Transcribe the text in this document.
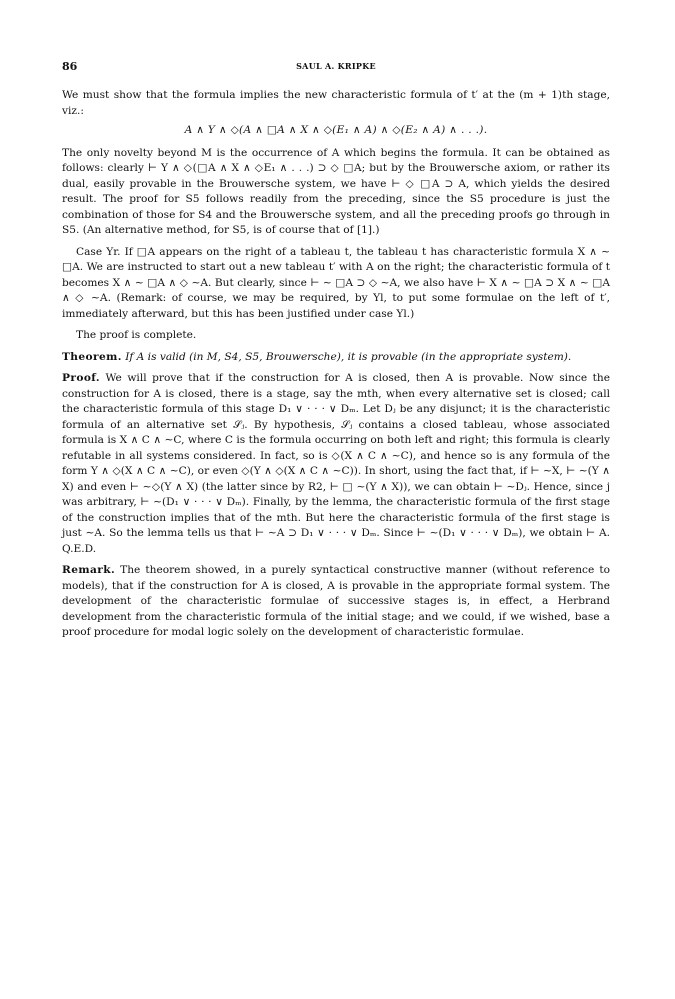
86	SAUL A. KRIPKE

We must show that the formula implies the new characteristic formula of t′ at the (m + 1)th stage, viz.:

A ∧ Y ∧ ◇(A ∧ □A ∧ X ∧ ◇(E₁ ∧ A) ∧ ◇(E₂ ∧ A) ∧ . . .).

The only novelty beyond M is the occurrence of A which begins the formula. It can be obtained as follows: clearly ⊢ Y ∧ ◇(□A ∧ X ∧ ◇E₁ ∧ . . .) ⊃ ◇ □A; but by the Brouwersche axiom, or rather its dual, easily provable in the Brouwersche system, we have ⊢ ◇ □A ⊃ A, which yields the desired result. The proof for S5 follows readily from the preceding, since the S5 procedure is just the combination of those for S4 and the Brouwersche system, and all the preceding proofs go through in S5. (An alternative method, for S5, is of course that of [1].)

Case Yr. If □A appears on the right of a tableau t, the tableau t has characteristic formula X ∧ ∼ □A. We are instructed to start out a new tableau t′ with A on the right; the characteristic formula of t becomes X ∧ ∼ □A ∧ ◇ ∼A. But clearly, since ⊢ ∼ □A ⊃ ◇ ∼A, we also have ⊢ X ∧ ∼ □A ⊃ X ∧ ∼ □A ∧ ◇ ∼A. (Remark: of course, we may be required, by Yl, to put some formulae on the left of t′, immediately afterward, but this has been justified under case Yl.)

The proof is complete.

Theorem. If A is valid (in M, S4, S5, Brouwersche), it is provable (in the appropriate system).

Proof. We will prove that if the construction for A is closed, then A is provable. Now since the construction for A is closed, there is a stage, say the mth, when every alternative set is closed; call the characteristic formula of this stage D₁ ∨ · · · ∨ Dₘ. Let Dⱼ be any disjunct; it is the characteristic formula of an alternative set 𝒮ⱼ. By hypothesis, 𝒮ⱼ contains a closed tableau, whose associated formula is X ∧ C ∧ ∼C, where C is the formula occurring on both left and right; this formula is clearly refutable in all systems considered. In fact, so is ◇(X ∧ C ∧ ∼C), and hence so is any formula of the form Y ∧ ◇(X ∧ C ∧ ∼C), or even ◇(Y ∧ ◇(X ∧ C ∧ ∼C)). In short, using the fact that, if ⊢ ∼X, ⊢ ∼(Y ∧ X) and even ⊢ ∼◇(Y ∧ X) (the latter since by R2, ⊢ □ ∼(Y ∧ X)), we can obtain ⊢ ∼Dⱼ. Hence, since j was arbitrary, ⊢ ∼(D₁ ∨ · · · ∨ Dₘ). Finally, by the lemma, the characteristic formula of the first stage of the construction implies that of the mth. But here the characteristic formula of the first stage is just ∼A. So the lemma tells us that ⊢ ∼A ⊃ D₁ ∨ · · · ∨ Dₘ. Since ⊢ ∼(D₁ ∨ · · · ∨ Dₘ), we obtain ⊢ A. Q.E.D.

Remark. The theorem showed, in a purely syntactical constructive manner (without reference to models), that if the construction for A is closed, A is provable in the appropriate formal system. The development of the characteristic formulae of successive stages is, in effect, a Herbrand development from the characteristic formula of the initial stage; and we could, if we wished, base a proof procedure for modal logic solely on the development of characteristic formulae.
